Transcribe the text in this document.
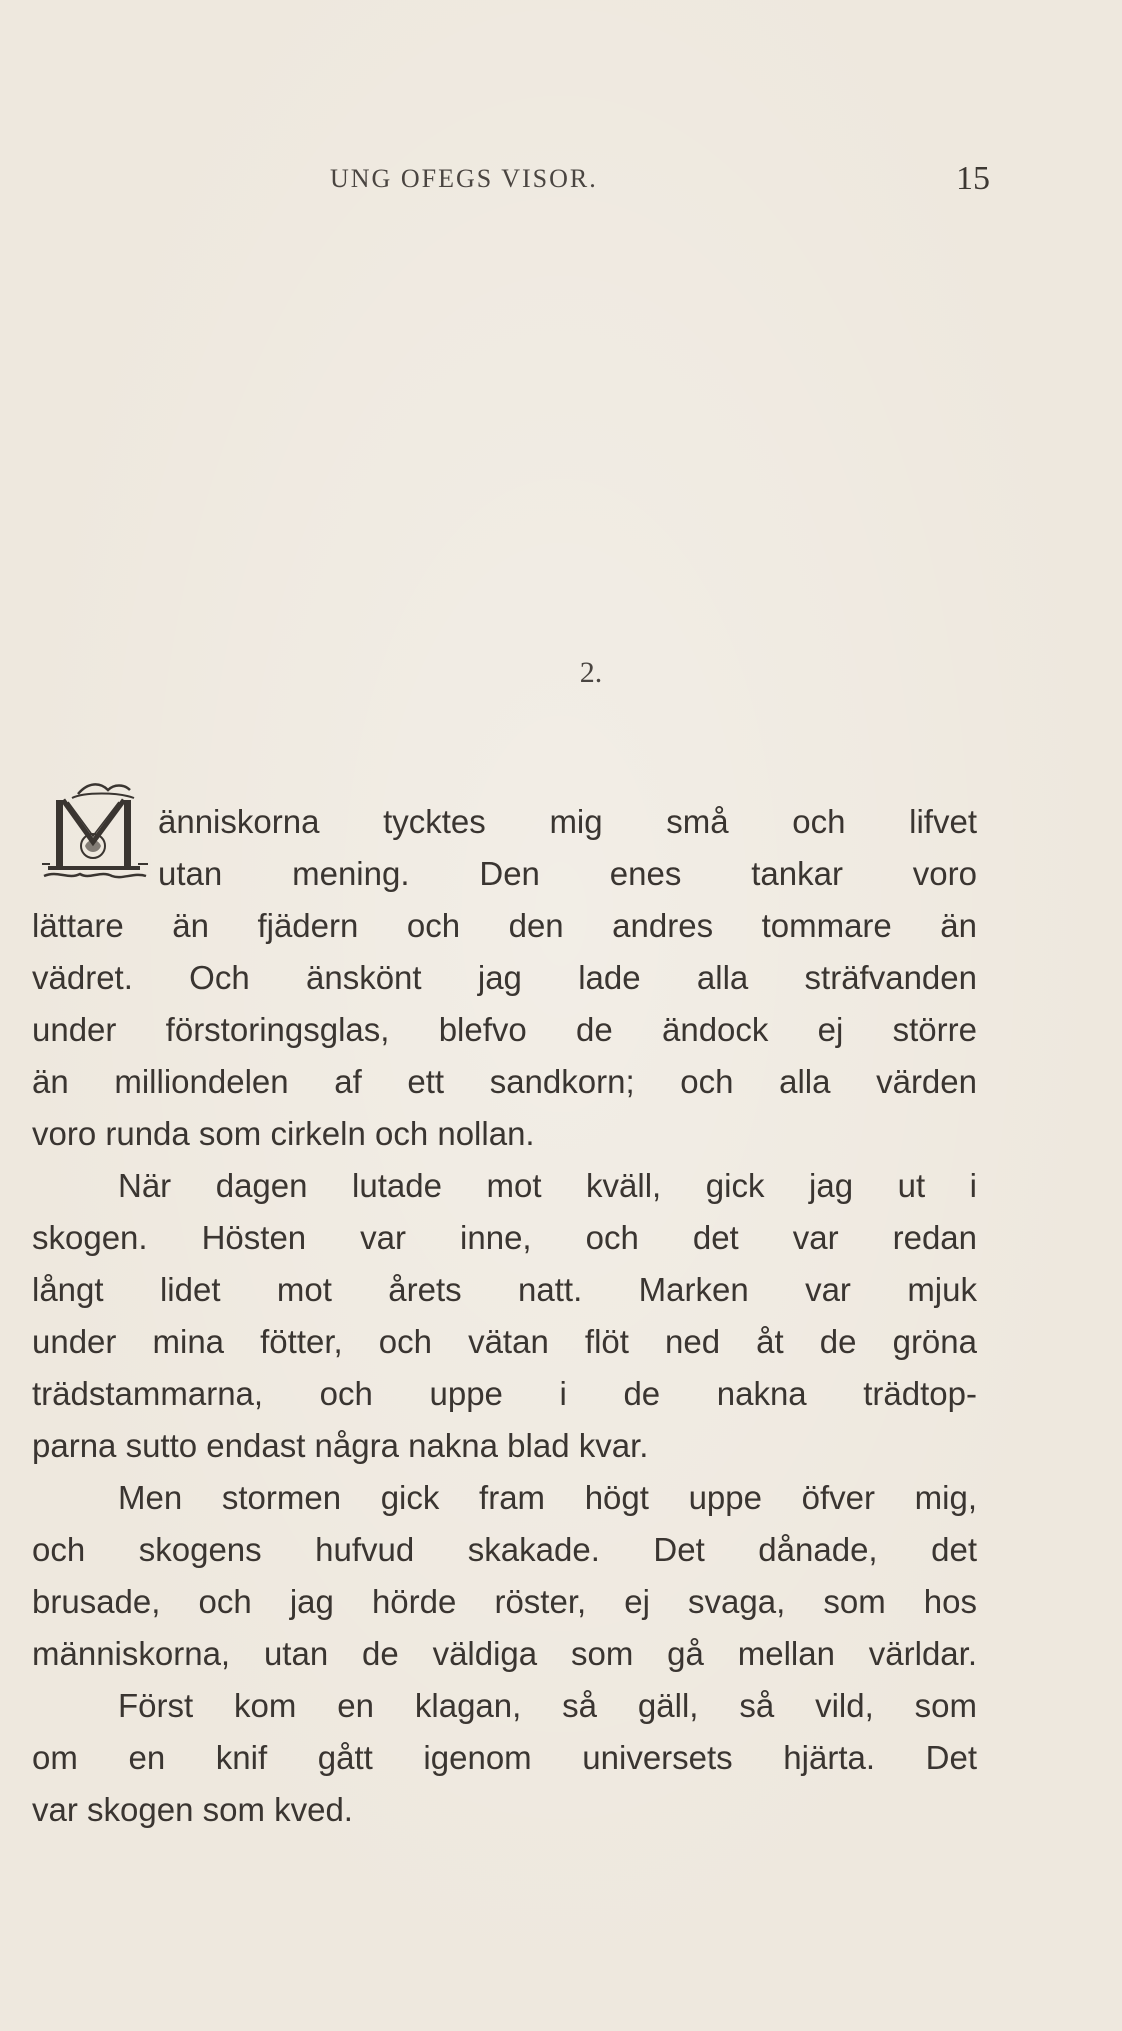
UNG OFEGS VISOR.	15
2.
änniskorna tycktes mig små och lifvet
utan mening. Den enes tankar voro
lättare än fjädern och den andres tommare än
vädret. Och änskönt jag lade alla sträfvanden
under förstoringsglas, blefvo de ändock ej större
än milliondelen af ett sandkorn; och alla värden
voro runda som cirkeln och nollan.
När dagen lutade mot kväll, gick jag ut i
skogen. Hösten var inne, och det var redan
långt lidet mot årets natt. Marken var mjuk
under mina fötter, och vätan flöt ned åt de gröna
trädstammarna, och uppe i de nakna trädtop-
parna sutto endast några nakna blad kvar.
Men stormen gick fram högt uppe öfver mig,
och skogens hufvud skakade. Det dånade, det
brusade, och jag hörde röster, ej svaga, som hos
människorna, utan de väldiga som gå mellan världar.
Först kom en klagan, så gäll, så vild, som
om en knif gått igenom universets hjärta. Det
var skogen som kved.
